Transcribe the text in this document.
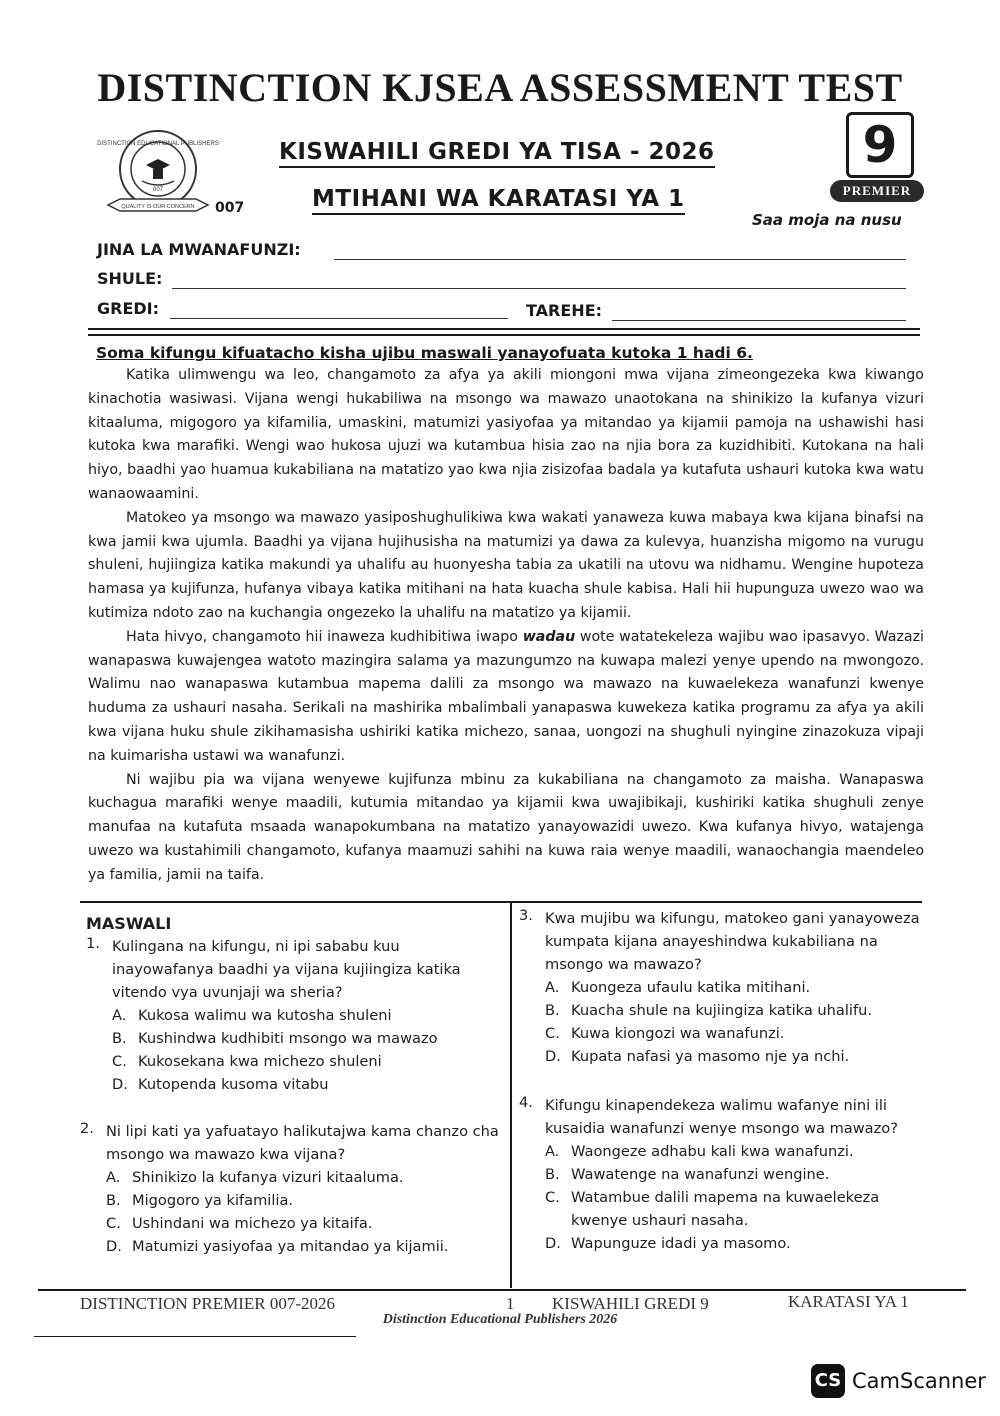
DISTINCTION KJSEA ASSESSMENT TEST
DISTINCTION EDUCATIONAL PUBLISHERS
007
QUALITY IS OUR CONCERN 007
KISWAHILI GREDI YA TISA - 2026
MTIHANI WA KARATASI YA 1
9
PREMIER
Saa moja na nusu
JINA LA MWANAFUNZI:
SHULE:
GREDI:	TAREHE:
Soma kifungu kifuatacho kisha ujibu maswali yanayofuata kutoka 1 hadi 6.

Katika ulimwengu wa leo, changamoto za afya ya akili miongoni mwa vijana zimeongezeka kwa kiwango kinachotia wasiwasi. Vijana wengi hukabiliwa na msongo wa mawazo unaotokana na shinikizo la kufanya vizuri kitaaluma, migogoro ya kifamilia, umaskini, matumizi yasiyofaa ya mitandao ya kijamii pamoja na ushawishi hasi kutoka kwa marafiki. Wengi wao hukosa ujuzi wa kutambua hisia zao na njia bora za kuzidhibiti. Kutokana na hali hiyo, baadhi yao huamua kukabiliana na matatizo yao kwa njia zisizofaa badala ya kutafuta ushauri kutoka kwa watu wanaowaamini.

Matokeo ya msongo wa mawazo yasiposhughulikiwa kwa wakati yanaweza kuwa mabaya kwa kijana binafsi na kwa jamii kwa ujumla. Baadhi ya vijana hujihusisha na matumizi ya dawa za kulevya, huanzisha migomo na vurugu shuleni, hujiingiza katika makundi ya uhalifu au huonyesha tabia za ukatili na utovu wa nidhamu. Wengine hupoteza hamasa ya kujifunza, hufanya vibaya katika mitihani na hata kuacha shule kabisa. Hali hii hupunguza uwezo wao wa kutimiza ndoto zao na kuchangia ongezeko la uhalifu na matatizo ya kijamii.

Hata hivyo, changamoto hii inaweza kudhibitiwa iwapo wadau wote watatekeleza wajibu wao ipasavyo. Wazazi wanapaswa kuwajengea watoto mazingira salama ya mazungumzo na kuwapa malezi yenye upendo na mwongozo. Walimu nao wanapaswa kutambua mapema dalili za msongo wa mawazo na kuwaelekeza wanafunzi kwenye huduma za ushauri nasaha. Serikali na mashirika mbalimbali yanapaswa kuwekeza katika programu za afya ya akili kwa vijana huku shule zikihamasisha ushiriki katika michezo, sanaa, uongozi na shughuli nyingine zinazokuza vipaji na kuimarisha ustawi wa wanafunzi.

Ni wajibu pia wa vijana wenyewe kujifunza mbinu za kukabiliana na changamoto za maisha. Wanapaswa kuchagua marafiki wenye maadili, kutumia mitandao ya kijamii kwa uwajibikaji, kushiriki katika shughuli zenye manufaa na kutafuta msaada wanapokumbana na matatizo yanayowazidi uwezo. Kwa kufanya hivyo, watajenga uwezo wa kustahimili changamoto, kufanya maamuzi sahihi na kuwa raia wenye maadili, wanaochangia maendeleo ya familia, jamii na taifa.

MASWALI
1. Kulingana na kifungu, ni ipi sababu kuu inayowafanya baadhi ya vijana kujiingiza katika vitendo vya uvunjaji wa sheria?
A. Kukosa walimu wa kutosha shuleni
B. Kushindwa kudhibiti msongo wa mawazo
C. Kukosekana kwa michezo shuleni
D. Kutopenda kusoma vitabu
2. Ni lipi kati ya yafuatayo halikutajwa kama chanzo cha msongo wa mawazo kwa vijana?
A. Shinikizo la kufanya vizuri kitaaluma.
B. Migogoro ya kifamilia.
C. Ushindani wa michezo ya kitaifa.
D. Matumizi yasiyofaa ya mitandao ya kijamii.
3. Kwa mujibu wa kifungu, matokeo gani yanayoweza kumpata kijana anayeshindwa kukabiliana na msongo wa mawazo?
A. Kuongeza ufaulu katika mitihani.
B. Kuacha shule na kujiingiza katika uhalifu.
C. Kuwa kiongozi wa wanafunzi.
D. Kupata nafasi ya masomo nje ya nchi.
4. Kifungu kinapendekeza walimu wafanye nini ili kusaidia wanafunzi wenye msongo wa mawazo?
A. Waongeze adhabu kali kwa wanafunzi.
B. Wawatenge na wanafunzi wengine.
C. Watambue dalili mapema na kuwaelekeza kwenye ushauri nasaha.
D. Wapunguze idadi ya masomo.
DISTINCTION PREMIER 007-2026	1 KISWAHILI GREDI 9	KARATASI YA 1
Distinction Educational Publishers 2026
CS CamScanner
